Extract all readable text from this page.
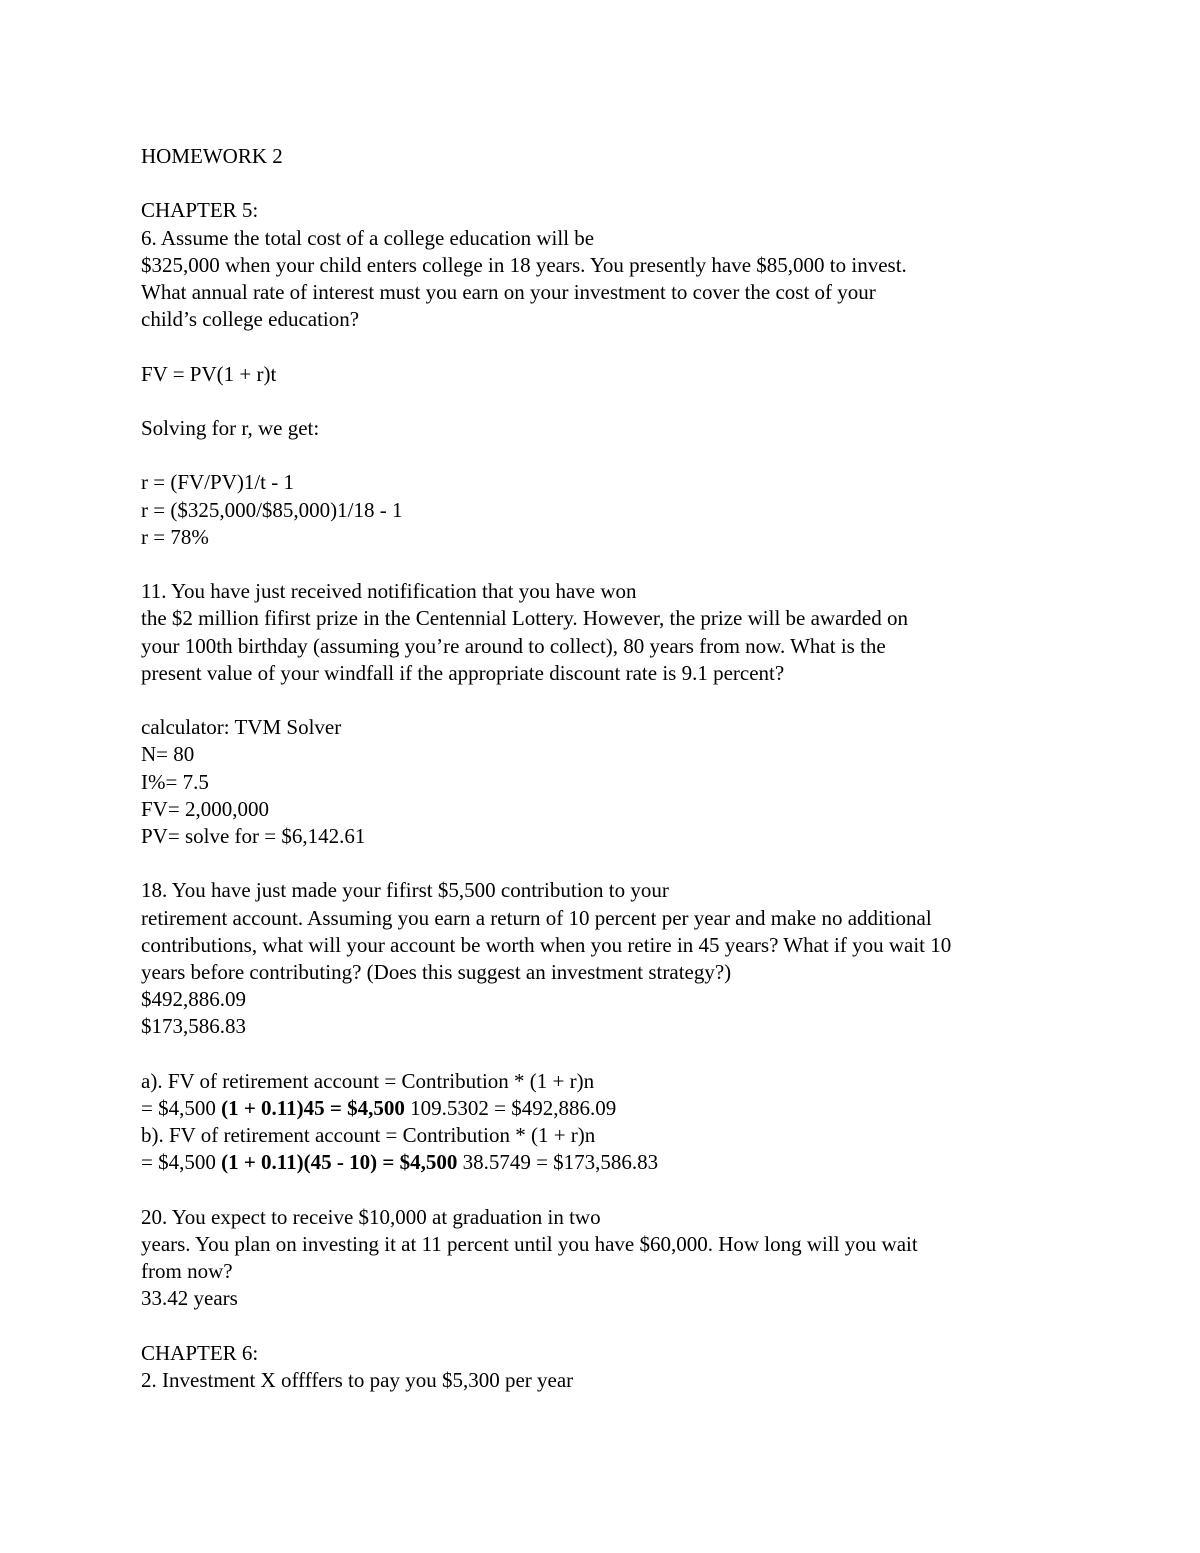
HOMEWORK 2
CHAPTER 5:
6. Assume the total cost of a college education will be
$325,000 when your child enters college in 18 years. You presently have $85,000 to invest.
What annual rate of interest must you earn on your investment to cover the cost of your
child’s college education?
FV = PV(1 + r)t
Solving for r, we get:
r = (FV/PV)1/t - 1
r = ($325,000/$85,000)1/18 - 1
r = 78%
11. You have just received notifification that you have won
the $2 million fifirst prize in the Centennial Lottery. However, the prize will be awarded on
your 100th birthday (assuming you’re around to collect), 80 years from now. What is the
present value of your windfall if the appropriate discount rate is 9.1 percent?
calculator: TVM Solver
N= 80
I%= 7.5
FV= 2,000,000
PV= solve for = $6,142.61
18. You have just made your fifirst $5,500 contribution to your
retirement account. Assuming you earn a return of 10 percent per year and make no additional
contributions, what will your account be worth when you retire in 45 years? What if you wait 10
years before contributing? (Does this suggest an investment strategy?)
$492,886.09
$173,586.83
a). FV of retirement account = Contribution * (1 + r)n
= $4,500 (1 + 0.11)45 = $4,500 109.5302 = $492,886.09
b). FV of retirement account = Contribution * (1 + r)n
= $4,500 (1 + 0.11)(45 - 10) = $4,500 38.5749 = $173,586.83
20. You expect to receive $10,000 at graduation in two
years. You plan on investing it at 11 percent until you have $60,000. How long will you wait
from now?
33.42 years
CHAPTER 6:
2. Investment X offffers to pay you $5,300 per year
